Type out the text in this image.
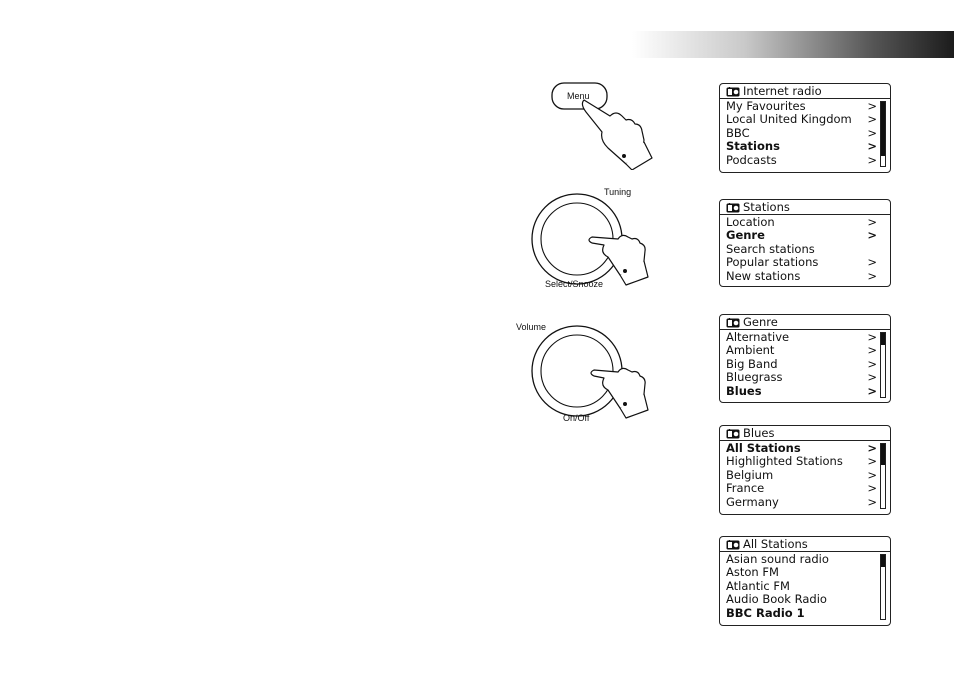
Menu
Tuning
Select/Snooze
Volume
On/Off
Internet radio
My Favourites	>
Local United Kingdom >
BBC	>
Stations	>
Podcasts	>
Stations
Location	>
Genre	>
Search stations
Popular stations	>
New stations	>
Genre
Alternative	>
Ambient	>
Big Band	>
Bluegrass	>
Blues	>
Blues
All Stations	>
Highlighted Stations >
Belgium	>
France	>
Germany	>
All Stations
Asian sound radio
Aston FM
Atlantic FM
Audio Book Radio
BBC Radio 1
